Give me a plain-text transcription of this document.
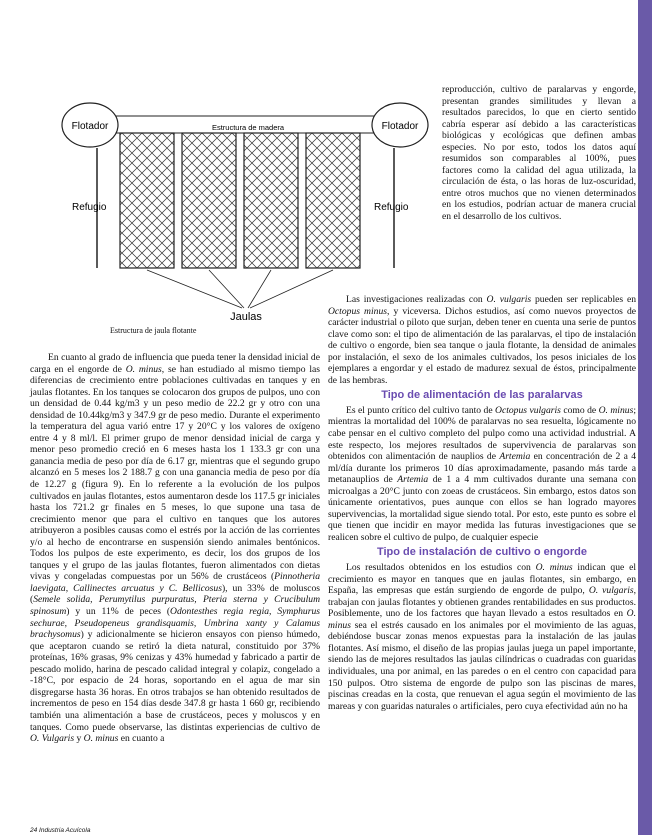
Flotador	Flotador
Estructura de madera
Refugio	Refugio
Jaulas
Estructura de jaula flotante

reproducción, cultivo de paralarvas y engorde, presentan grandes similitudes y llevan a resultados parecidos, lo que en cierto sentido cabría esperar así debido a las características biológicas y ecológicas que definen ambas especies. No por esto, todos los datos aquí resumidos son comparables al 100%, pues factores como la calidad del agua utilizada, la circulación de ésta, o las horas de luz-oscuridad, entre otros muchos que no vienen determinados en los estudios, podrían actuar de manera crucial en el desarrollo de los cultivos.

Las investigaciones realizadas con O. vulgaris pueden ser replicables en Octopus minus, y viceversa. Dichos estudios, así como nuevos proyectos de carácter industrial o piloto que surjan, deben tener en cuenta una serie de puntos clave como son: el tipo de alimentación de las paralarvas, el tipo de instalación de cultivo o engorde, bien sea tanque o jaula flotante, la densidad de animales por instalación, el sexo de los animales cultivados, los pesos iniciales de los ejemplares a engordar y el estado de madurez sexual de éstos, principalmente de las hembras.

Tipo de alimentación de las paralarvas

Es el punto crítico del cultivo tanto de Octopus vulgaris como de O. minus; mientras la mortalidad del 100% de paralarvas no sea resuelta, lógicamente no cabe pensar en el cultivo completo del pulpo como una actividad industrial. A este respecto, los mejores resultados de supervivencia de paralarvas son obtenidos con alimentación de nauplios de Artemia en concentración de 2 a 4 ml/día durante los primeros 10 días aproximadamente, pasando más tarde a metanauplios de Artemia de 1 a 4 mm cultivados durante una semana con microalgas a 20°C junto con zoeas de crustáceos. Sin embargo, estos datos son únicamente orientativos, pues aunque con ellos se han logrado mayores supervivencias, la mortalidad sigue siendo total. Por esto, este punto es sobre el que tienen que incidir en mayor medida las futuras investigaciones que se realicen sobre el cultivo de pulpo, de cualquier especie

Tipo de instalación de cultivo o engorde

Los resultados obtenidos en los estudios con O. minus indican que el crecimiento es mayor en tanques que en jaulas flotantes, sin embargo, en España, las empresas que están surgiendo de engorde de pulpo, O. vulgaris, trabajan con jaulas flotantes y obtienen grandes rentabilidades en sus productos. Posiblemente, uno de los factores que hayan llevado a estos resultados en O. minus sea el estrés causado en los animales por el movimiento de las aguas, debiéndose buscar zonas menos expuestas para la instalación de las jaulas flotantes. Así mismo, el diseño de las propias jaulas juega un papel importante, siendo las de mejores resultados las jaulas cilíndricas o cuadradas con guaridas individuales, una por animal, en las paredes o en el centro con capacidad para 150 pulpos. Otro sistema de engorde de pulpo son las piscinas de mares, piscinas creadas en la costa, que renuevan el agua según el movimiento de las mareas y con guaridas naturales o artificiales, pero cuya efectividad aún no ha

En cuanto al grado de influencia que pueda tener la densidad inicial de carga en el engorde de O. minus, se han estudiado al mismo tiempo las diferencias de crecimiento entre poblaciones cultivadas en tanques y en jaulas flotantes. En los tanques se colocaron dos grupos de pulpos, uno con un densidad de 0.44 kg/m3 y un peso medio de 22.2 gr y otro con una densidad de 10.44kg/m3 y 347.9 gr de peso medio. Durante el experimento la temperatura del agua varió entre 17 y 20°C y los valores de oxígeno entre 4 y 8 ml/l. El primer grupo de menor densidad inicial de carga y menor peso promedio creció en 6 meses hasta los 1 133.3 gr con una ganancia media de peso por día de 6.17 gr, mientras que el segundo grupo alcanzó en 5 meses los 2 188.7 g con una ganancia media de peso por día de 12.27 g (figura 9). En lo referente a la evolución de los pulpos cultivados en jaulas flotantes, estos aumentaron desde los 117.5 gr iniciales hasta los 721.2 gr finales en 5 meses, lo que supone una tasa de crecimiento menor que para el cultivo en tanques que los autores atribuyeron a posibles causas como el estrés por la acción de las corrientes y/o al hecho de encontrarse en suspensión siendo animales bentónicos. Todos los pulpos de este experimento, es decir, los dos grupos de los tanques y el grupo de las jaulas flotantes, fueron alimentados con dietas vivas y congeladas compuestas por un 56% de crustáceos (Pinnotheria laevigata, Callinectes arcuatus y C. Bellicosus), un 33% de moluscos (Semele solida, Perumytilus purpuratus, Pteria sterna y Crucibulum spinosum) y un 11% de peces (Odontesthes regia regia, Symphurus sechurae, Pseudopeneus grandisquamis, Umbrina xanty y Calamus brachysomus) y adicionalmente se hicieron ensayos con pienso húmedo, que aceptaron cuando se retiró la dieta natural, constituido por 37% proteínas, 16% grasas, 9% cenizas y 43% humedad y fabricado a partir de pescado molido, harina de pescado calidad integral y colapiz, congelado a -18°C, por espacio de 24 horas, soportando en el agua de mar sin disgregarse hasta 36 horas. En otros trabajos se han obtenido resultados de incrementos de peso en 154 días desde 347.8 gr hasta 1 660 gr, recibiendo también una alimentación a base de crustáceos, peces y moluscos y en tanques. Como puede observarse, las distintas experiencias de cultivo de O. Vulgaris y O. minus en cuanto a

24 Industria Acuícola
